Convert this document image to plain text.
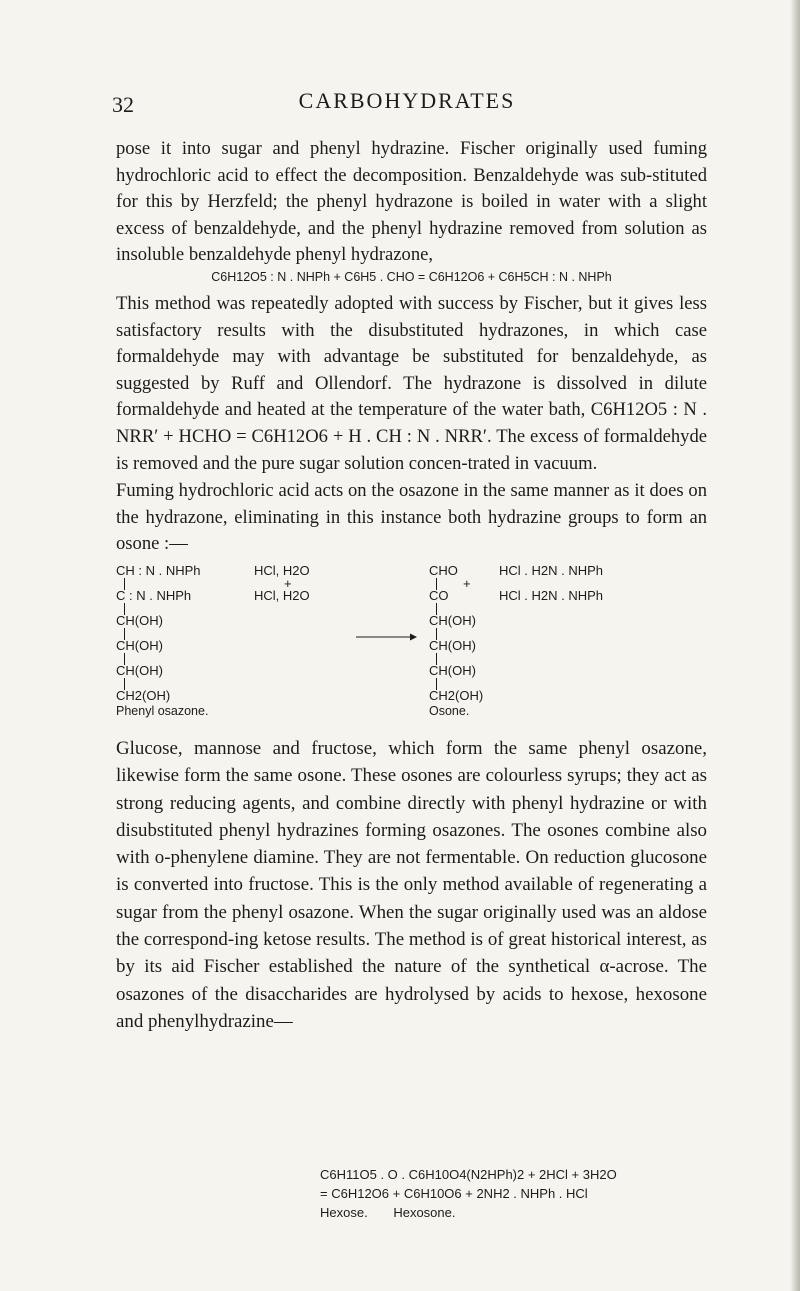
32	CARBOHYDRATES

pose it into sugar and phenyl hydrazine. Fischer originally used fuming hydrochloric acid to effect the decomposition. Benzaldehyde was sub-stituted for this by Herzfeld; the phenyl hydrazone is boiled in water with a slight excess of benzaldehyde, and the phenyl hydrazine removed from solution as insoluble benzaldehyde phenyl hydrazone,

C6H12O5 : N . NHPh + C6H5 . CHO = C6H12O6 + C6H5CH : N . NHPh

This method was repeatedly adopted with success by Fischer, but it gives less satisfactory results with the disubstituted hydrazones, in which case formaldehyde may with advantage be substituted for benzaldehyde, as suggested by Ruff and Ollendorf. The hydrazone is dissolved in dilute formaldehyde and heated at the temperature of the water bath, C6H12O5 : N . NRR′ + HCHO = C6H12O6 + H . CH : N . NRR′. The excess of formaldehyde is removed and the pure sugar solution concen-trated in vacuum.

Fuming hydrochloric acid acts on the osazone in the same manner as it does on the hydrazone, eliminating in this instance both hydrazine groups to form an osone :—

CH : N . NHPh
C : N . NHPh
CH(OH)
CH(OH)
CH(OH)
CH2(OH)
Phenyl osazone.
HCl, H2O
+
HCl, H2O
CHO
CO
CH(OH)
CH(OH)
CH(OH)
CH2(OH)
Osone.
HCl . H2N . NHPh
+
HCl . H2N . NHPh

Glucose, mannose and fructose, which form the same phenyl osazone, likewise form the same osone. These osones are colourless syrups; they act as strong reducing agents, and combine directly with phenyl hydrazine or with disubstituted phenyl hydrazines forming osazones. The osones combine also with o-phenylene diamine. They are not fermentable. On reduction glucosone is converted into fructose. This is the only method available of regenerating a sugar from the phenyl osazone. When the sugar originally used was an aldose the correspond-ing ketose results. The method is of great historical interest, as by its aid Fischer established the nature of the synthetical α-acrose. The osazones of the disaccharides are hydrolysed by acids to hexose, hexosone and phenylhydrazine—

C6H11O5 . O . C6H10O4(N2HPh)2 + 2HCl + 3H2O
= C6H12O6 + C6H10O6 + 2NH2 . NHPh . HCl
Hexose. Hexosone.
